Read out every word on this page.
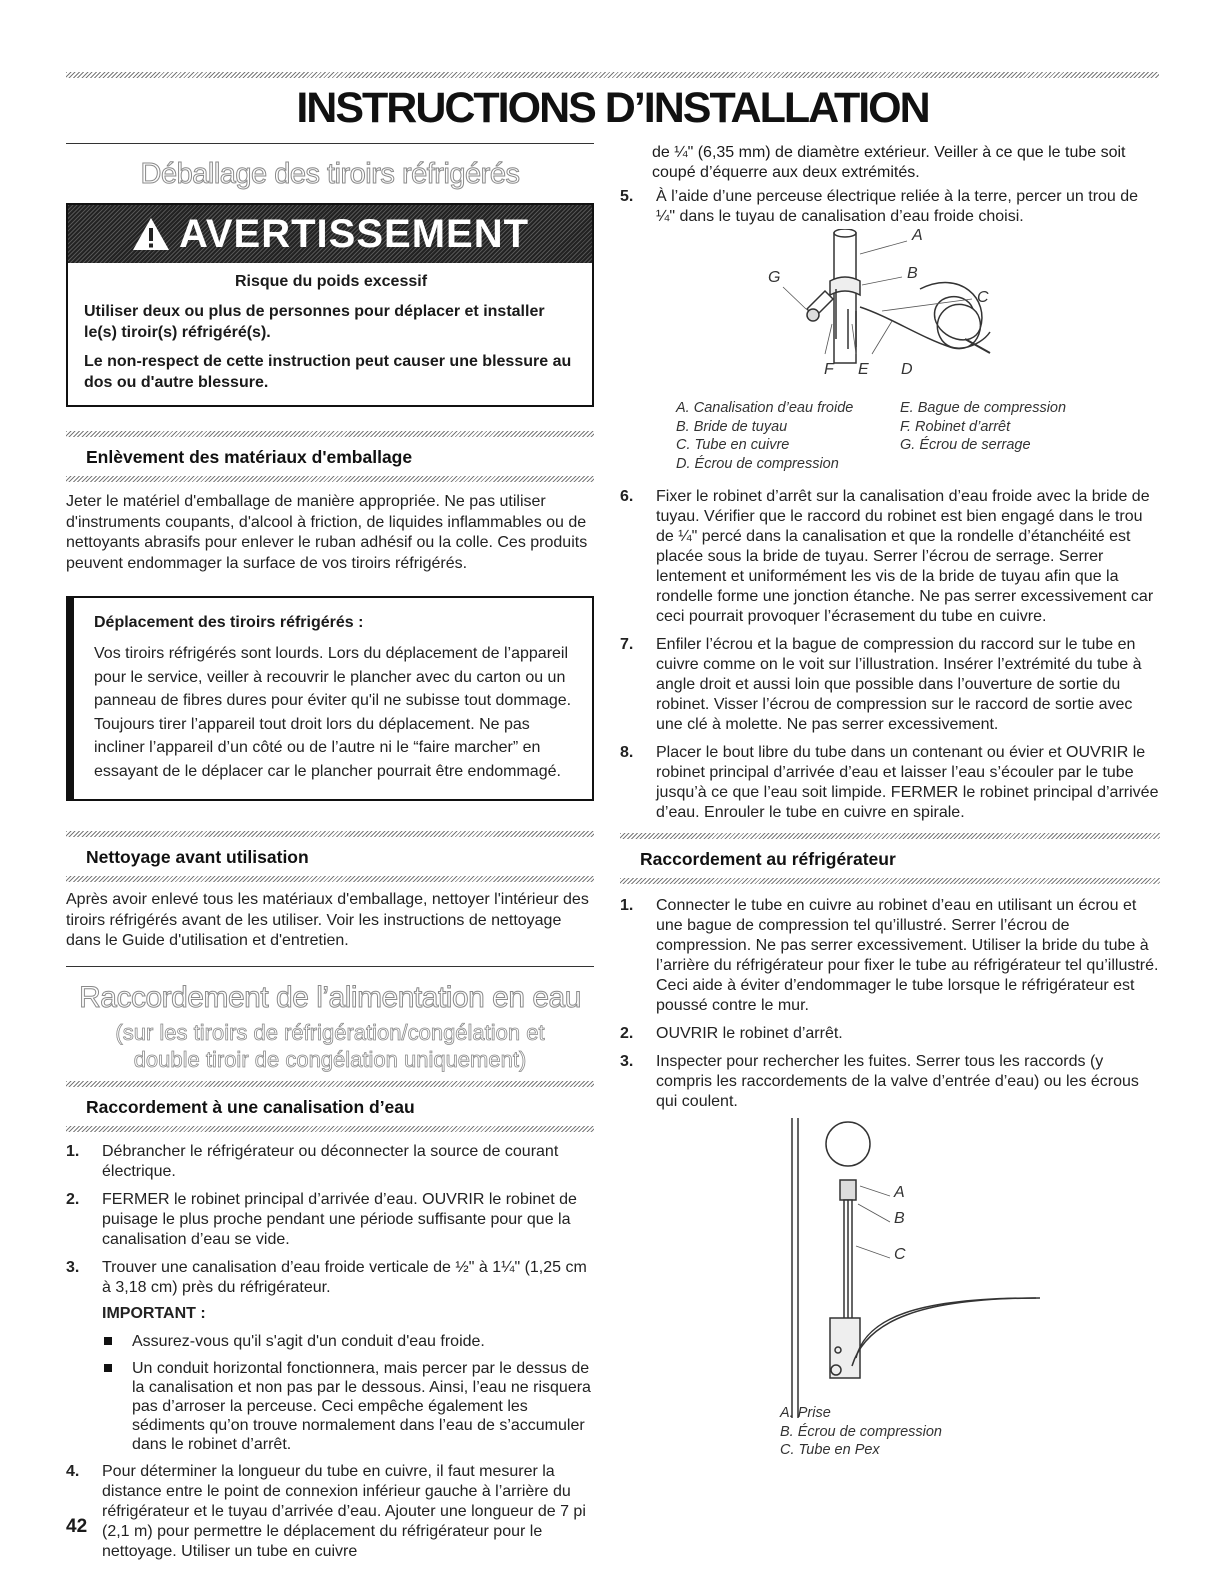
INSTRUCTIONS D’INSTALLATION
Déballage des tiroirs réfrigérés
AVERTISSEMENT
Risque du poids excessif

Utiliser deux ou plus de personnes pour déplacer et installer le(s) tiroir(s) réfrigéré(s).

Le non-respect de cette instruction peut causer une blessure au dos ou d'autre blessure.

Enlèvement des matériaux d'emballage

Jeter le matériel d'emballage de manière appropriée. Ne pas utiliser d'instruments coupants, d'alcool à friction, de liquides inflammables ou de nettoyants abrasifs pour enlever le ruban adhésif ou la colle. Ces produits peuvent endommager la surface de vos tiroirs réfrigérés.

Déplacement des tiroirs réfrigérés :

Vos tiroirs réfrigérés sont lourds. Lors du déplacement de l’appareil pour le service, veiller à recouvrir le plancher avec du carton ou un panneau de fibres dures pour éviter qu'il ne subisse tout dommage. Toujours tirer l’appareil tout droit lors du déplacement. Ne pas incliner l’appareil d’un côté ou de l’autre ni le “faire marcher” en essayant de le déplacer car le plancher pourrait être endommagé.

Nettoyage avant utilisation

Après avoir enlevé tous les matériaux d'emballage, nettoyer l'intérieur des tiroirs réfrigérés avant de les utiliser. Voir les instructions de nettoyage dans le Guide d'utilisation et d'entretien.

Raccordement de l’alimentation en eau
(sur les tiroirs de réfrigération/congélation et
double tiroir de congélation uniquement)
Raccordement à une canalisation d’eau
1. Débrancher le réfrigérateur ou déconnecter la source de courant électrique.
2. FERMER le robinet principal d’arrivée d’eau. OUVRIR le robinet de puisage le plus proche pendant une période suffisante pour que la canalisation d’eau se vide.
3. Trouver une canalisation d’eau froide verticale de ½" à 1¼" (1,25 cm à 3,18 cm) près du réfrigérateur.
IMPORTANT :
Assurez-vous qu'il s'agit d'un conduit d'eau froide.
Un conduit horizontal fonctionnera, mais percer par le dessus de la canalisation et non pas par le dessous. Ainsi, l’eau ne risquera pas d’arroser la perceuse. Ceci empêche également les sédiments qu’on trouve normalement dans l’eau de s’accumuler dans le robinet d’arrêt.
4. Pour déterminer la longueur du tube en cuivre, il faut mesurer la distance entre le point de connexion inférieur gauche à l’arrière du réfrigérateur et le tuyau d’arrivée d’eau. Ajouter une longueur de 7 pi (2,1 m) pour permettre le déplacement du réfrigérateur pour le nettoyage. Utiliser un tube en cuivre

de ¼" (6,35 mm) de diamètre extérieur. Veiller à ce que le tube soit coupé d’équerre aux deux extrémités.

5. À l’aide d’une perceuse électrique reliée à la terre, percer un trou de ¼" dans le tuyau de canalisation d’eau froide choisi.
A
B
C
D
E
F
G
A. Canalisation d’eau froide
B. Bride de tuyau
C. Tube en cuivre
D. Écrou de compression
E. Bague de compression
F. Robinet d’arrêt
G. Écrou de serrage
6. Fixer le robinet d’arrêt sur la canalisation d’eau froide avec la bride de tuyau. Vérifier que le raccord du robinet est bien engagé dans le trou de ¼" percé dans la canalisation et que la rondelle d’étanchéité est placée sous la bride de tuyau. Serrer l’écrou de serrage. Serrer lentement et uniformément les vis de la bride de tuyau afin que la rondelle forme une jonction étanche. Ne pas serrer excessivement car ceci pourrait provoquer l’écrasement du tube en cuivre.
7. Enfiler l’écrou et la bague de compression du raccord sur le tube en cuivre comme on le voit sur l’illustration. Insérer l’extrémité du tube à angle droit et aussi loin que possible dans l’ouverture de sortie du robinet. Visser l’écrou de compression sur le raccord de sortie avec une clé à molette. Ne pas serrer excessivement.
8. Placer le bout libre du tube dans un contenant ou évier et OUVRIR le robinet principal d’arrivée d’eau et laisser l’eau s’écouler par le tube jusqu’à ce que l’eau soit limpide. FERMER le robinet principal d’arrivée d’eau. Enrouler le tube en cuivre en spirale.
Raccordement au réfrigérateur
1. Connecter le tube en cuivre au robinet d’eau en utilisant un écrou et une bague de compression tel qu’illustré. Serrer l’écrou de compression. Ne pas serrer excessivement. Utiliser la bride du tube à l’arrière du réfrigérateur pour fixer le tube au réfrigérateur tel qu’illustré. Ceci aide à éviter d’endommager le tube lorsque le réfrigérateur est poussé contre le mur.
2. OUVRIR le robinet d’arrêt.
3. Inspecter pour rechercher les fuites. Serrer tous les raccords (y compris les raccordements de la valve d’entrée d’eau) ou les écrous qui coulent.
A
B
C
A. Prise
B. Écrou de compression
C. Tube en Pex
42
